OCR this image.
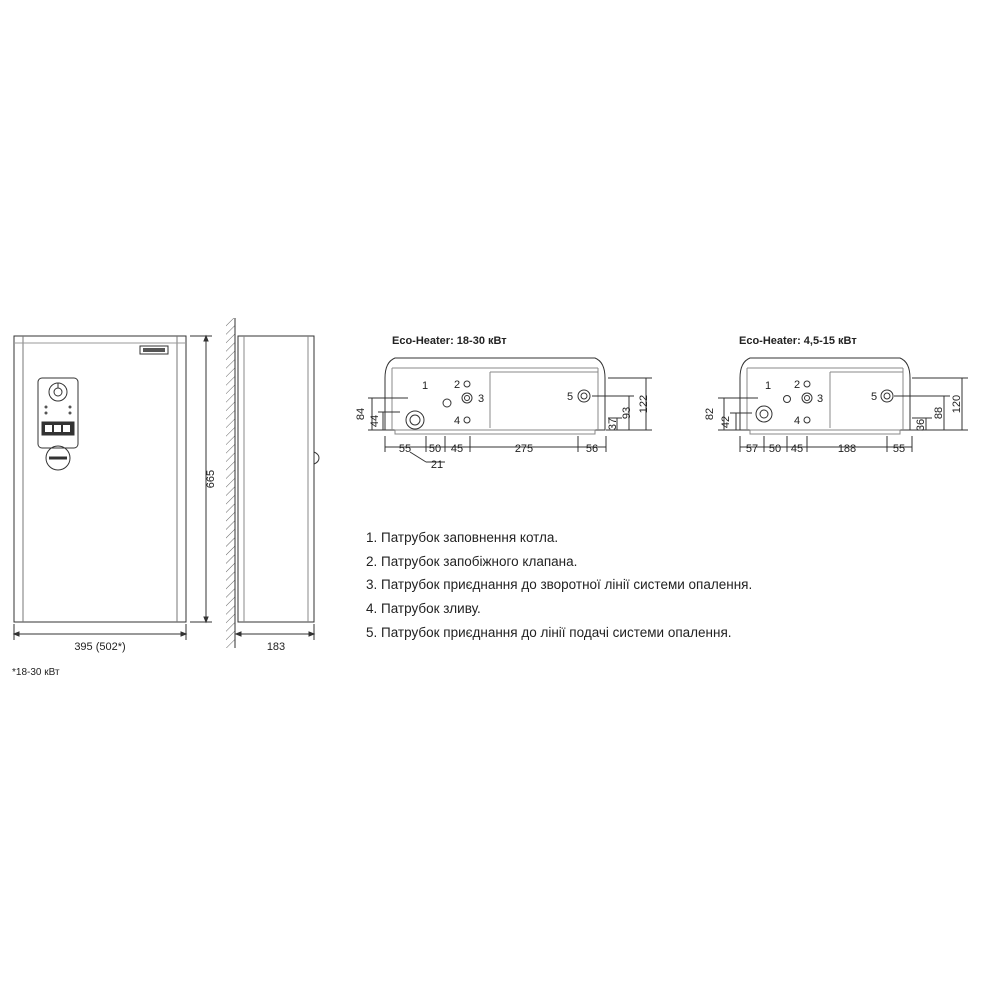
395 (502*)
665
*18-30 кВт
183
Eco-Heater: 18-30 кВт
1 2
3
4
5
55 50 45	275	56
21
84
44	37
93 122
Eco-Heater: 4,5-15 кВт
1 2
3
4
5
57 50 45	188	55
82
42	36
88 120
1. Патрубок заповнення котла.
2. Патрубок запобіжного клапана.
3. Патрубок приєднання до зворотної лінії системи опалення.
4. Патрубок зливу.
5. Патрубок приєднання до лінії подачі системи опалення.
